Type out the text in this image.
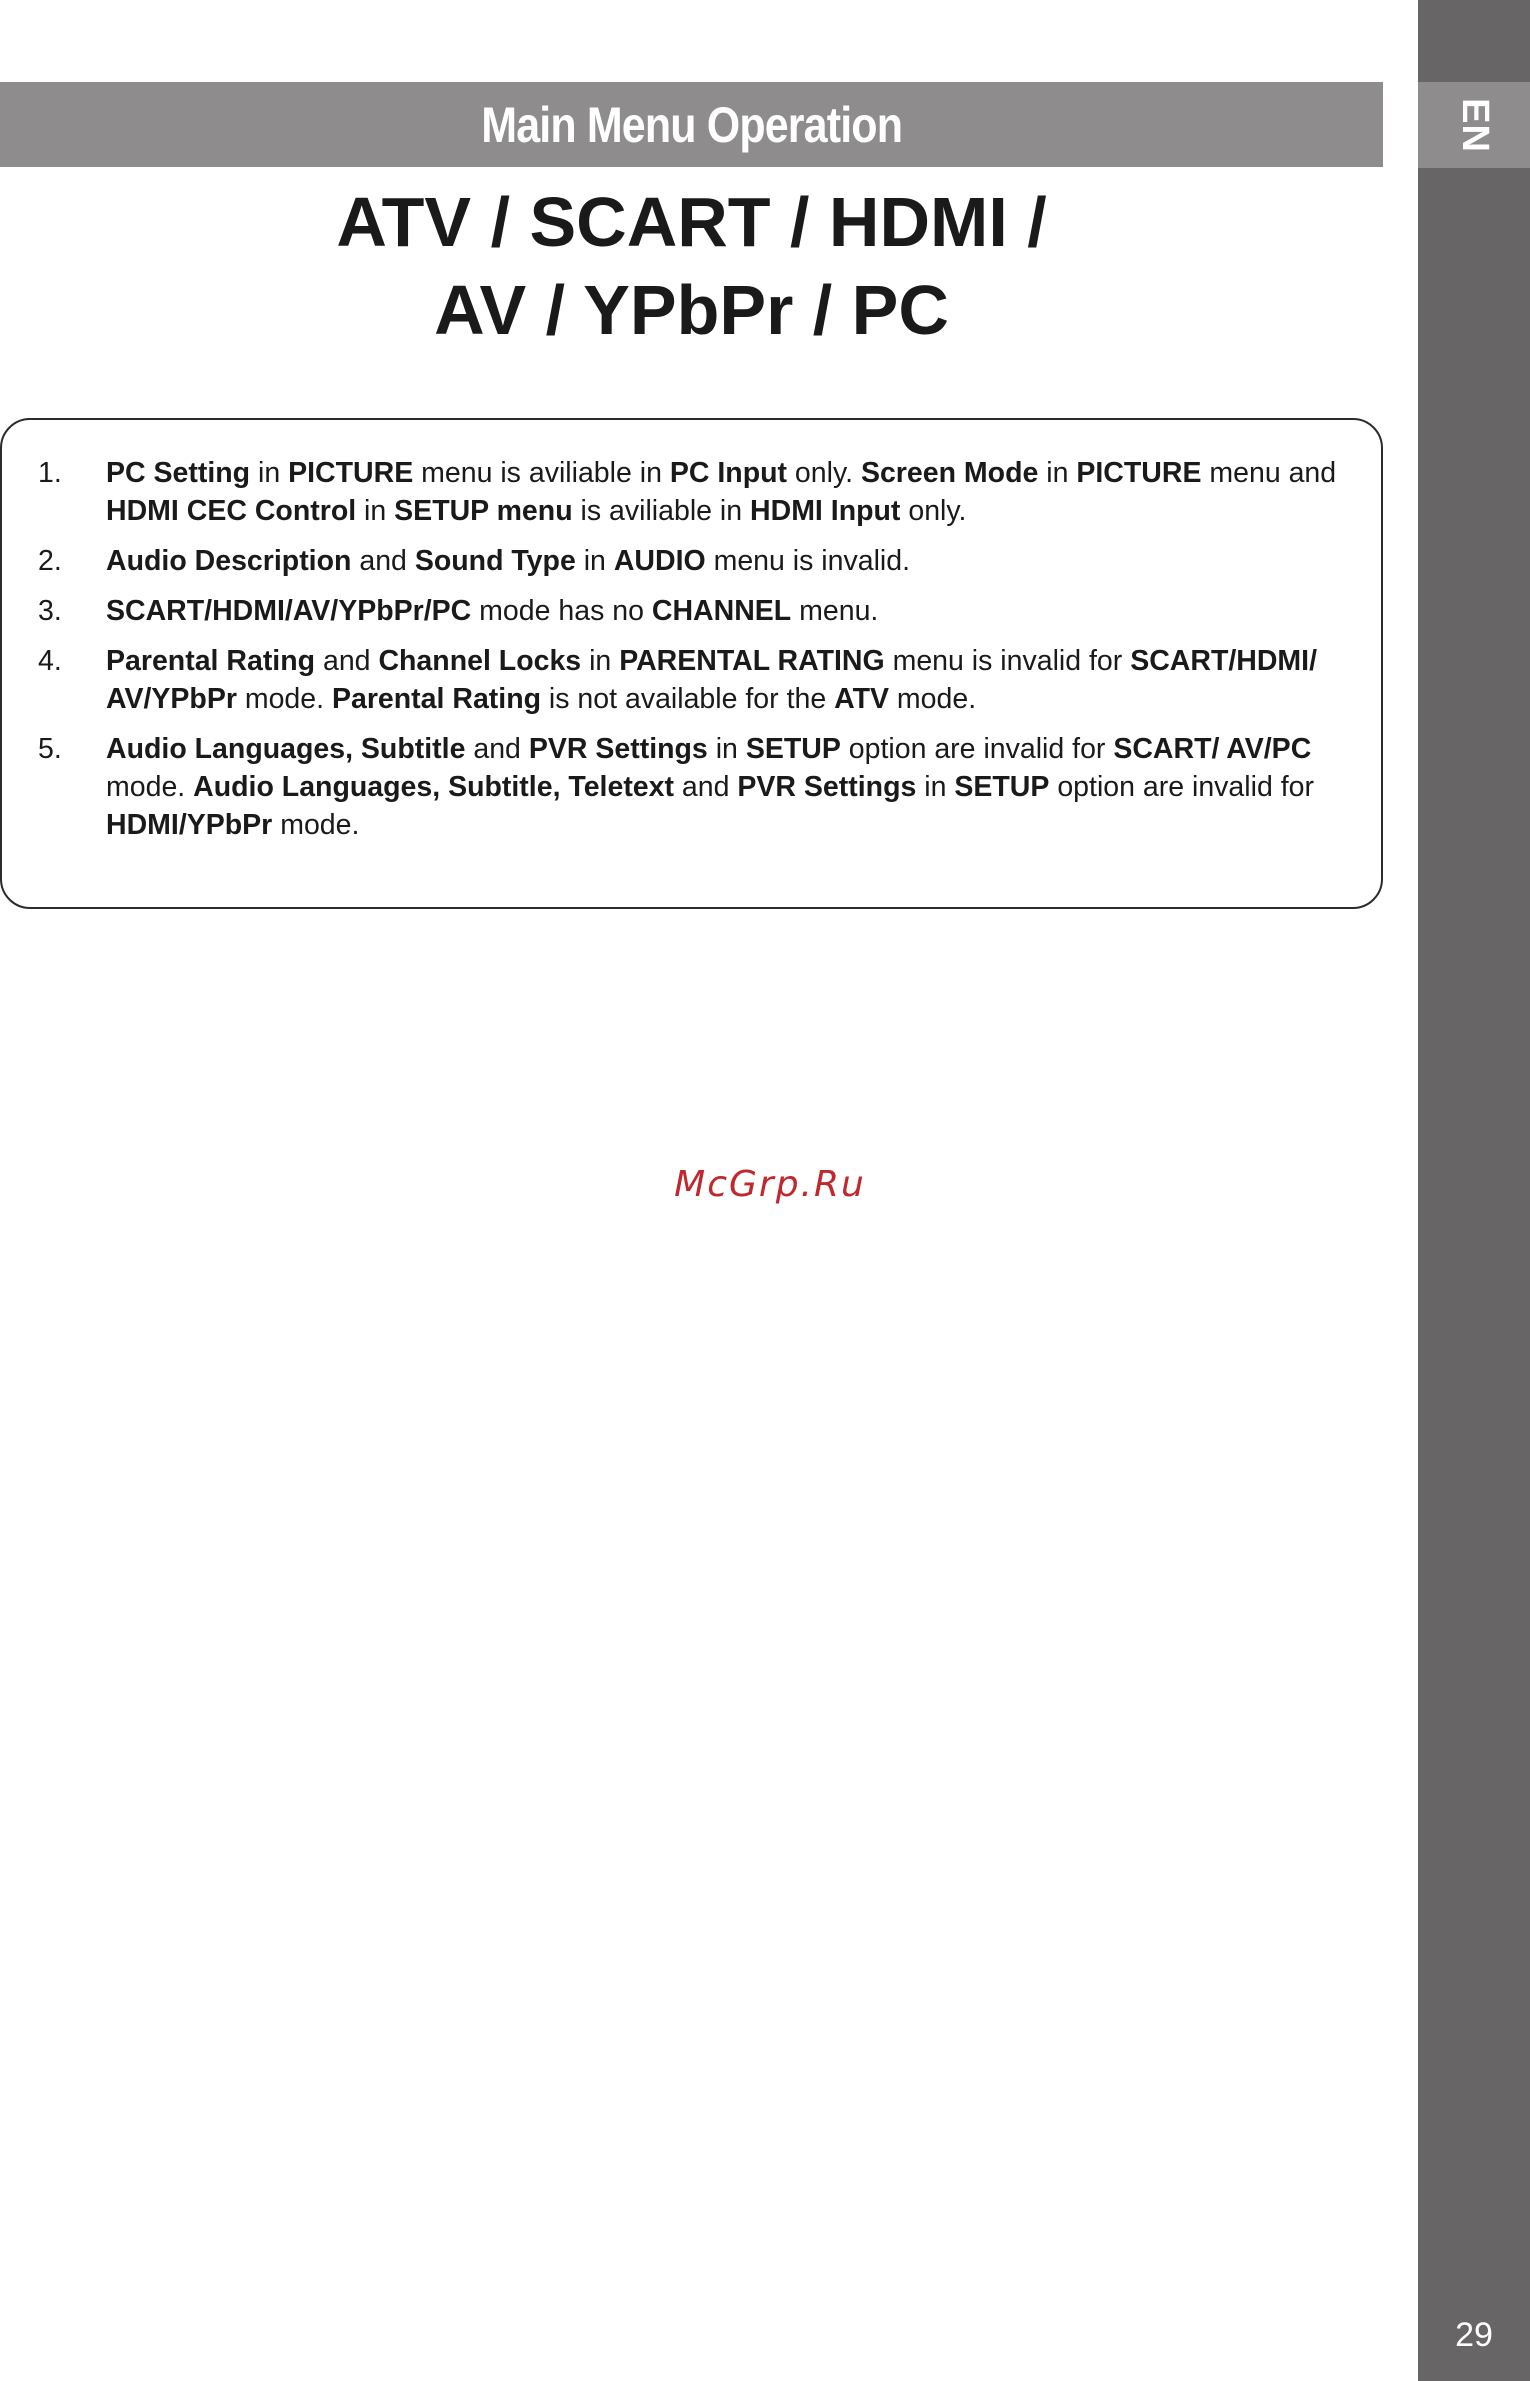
EN
29
Main Menu Operation
ATV / SCART / HDMI /
AV / YPbPr / PC
1.	PC Setting in PICTURE menu is aviliable in PC Input only. Screen Mode in PICTURE menu and HDMI CEC Control in SETUP menu is aviliable in HDMI Input only.
2.	Audio Description and Sound Type in AUDIO menu is invalid.
3.	SCART/HDMI/AV/YPbPr/PC mode has no CHANNEL menu.
4.	Parental Rating and Channel Locks in PARENTAL RATING menu is invalid for SCART/HDMI/ AV/YPbPr mode. Parental Rating is not available for the ATV mode.
5.	Audio Languages, Subtitle and PVR Settings in SETUP option are invalid for SCART/ AV/PC mode. Audio Languages, Subtitle, Teletext and PVR Settings in SETUP option are invalid for HDMI/YPbPr mode.
McGrp.Ru
